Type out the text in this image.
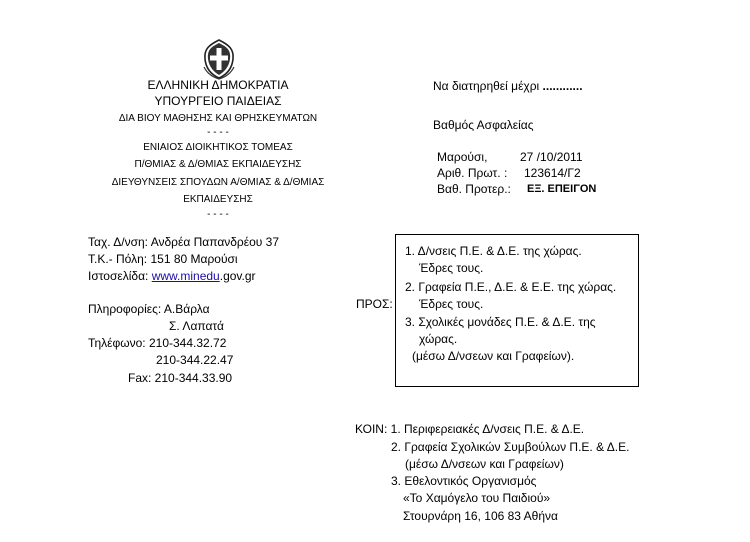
ΕΛΛΗΝΙΚΗ ΔΗΜΟΚΡΑΤΙΑ
ΥΠΟΥΡΓΕΙΟ ΠΑΙΔΕΙΑΣ
ΔΙΑ ΒΙΟΥ ΜΑΘΗΣΗΣ ΚΑΙ ΘΡΗΣΚΕΥΜΑΤΩΝ
- - - -
ΕΝΙΑΙΟΣ ΔΙΟΙΚΗΤΙΚΟΣ ΤΟΜΕΑΣ
Π/ΘΜΙΑΣ & Δ/ΘΜΙΑΣ ΕΚΠΑΙΔΕΥΣΗΣ
ΔΙΕΥΘΥΝΣΕΙΣ ΣΠΟΥΔΩΝ Α/ΘΜΙΑΣ & Δ/ΘΜΙΑΣ
ΕΚΠΑΙΔΕΥΣΗΣ
- - - -
Ταχ. Δ/νση: Ανδρέα Παπανδρέου 37
Τ.Κ.- Πόλη: 151 80 Μαρούσι
Ιστοσελίδα: www.minedu.gov.gr
Πληροφορίες: Α.Βάρλα
Σ. Λαπατά
Τηλέφωνο: 210-344.32.72
210-344.22.47
Fax: 210-344.33.90
Να διατηρηθεί μέχρι ............
Βαθμός Ασφαλείας
Μαρούσι,	27 /10/2011
Αριθ. Πρωτ. : 123614/Γ2
Βαθ. Προτερ.: ΕΞ. ΕΠΕΙΓΟΝ
ΠΡΟΣ:
1. Δ/νσεις Π.Ε. & Δ.Ε. της χώρας.
Έδρες τους.
2. Γραφεία Π.Ε., Δ.Ε. & Ε.Ε. της χώρας.
Έδρες τους.
3. Σχολικές μονάδες Π.Ε. & Δ.Ε. της
χώρας.
(μέσω Δ/νσεων και Γραφείων).
ΚΟΙΝ: 1. Περιφερειακές Δ/νσεις Π.Ε. & Δ.Ε.
2. Γραφεία Σχολικών Συμβούλων Π.Ε. & Δ.Ε.
(μέσω Δ/νσεων και Γραφείων)
3. Εθελοντικός Οργανισμός
«Το Χαμόγελο του Παιδιού»
Στουρνάρη 16, 106 83 Αθήνα
